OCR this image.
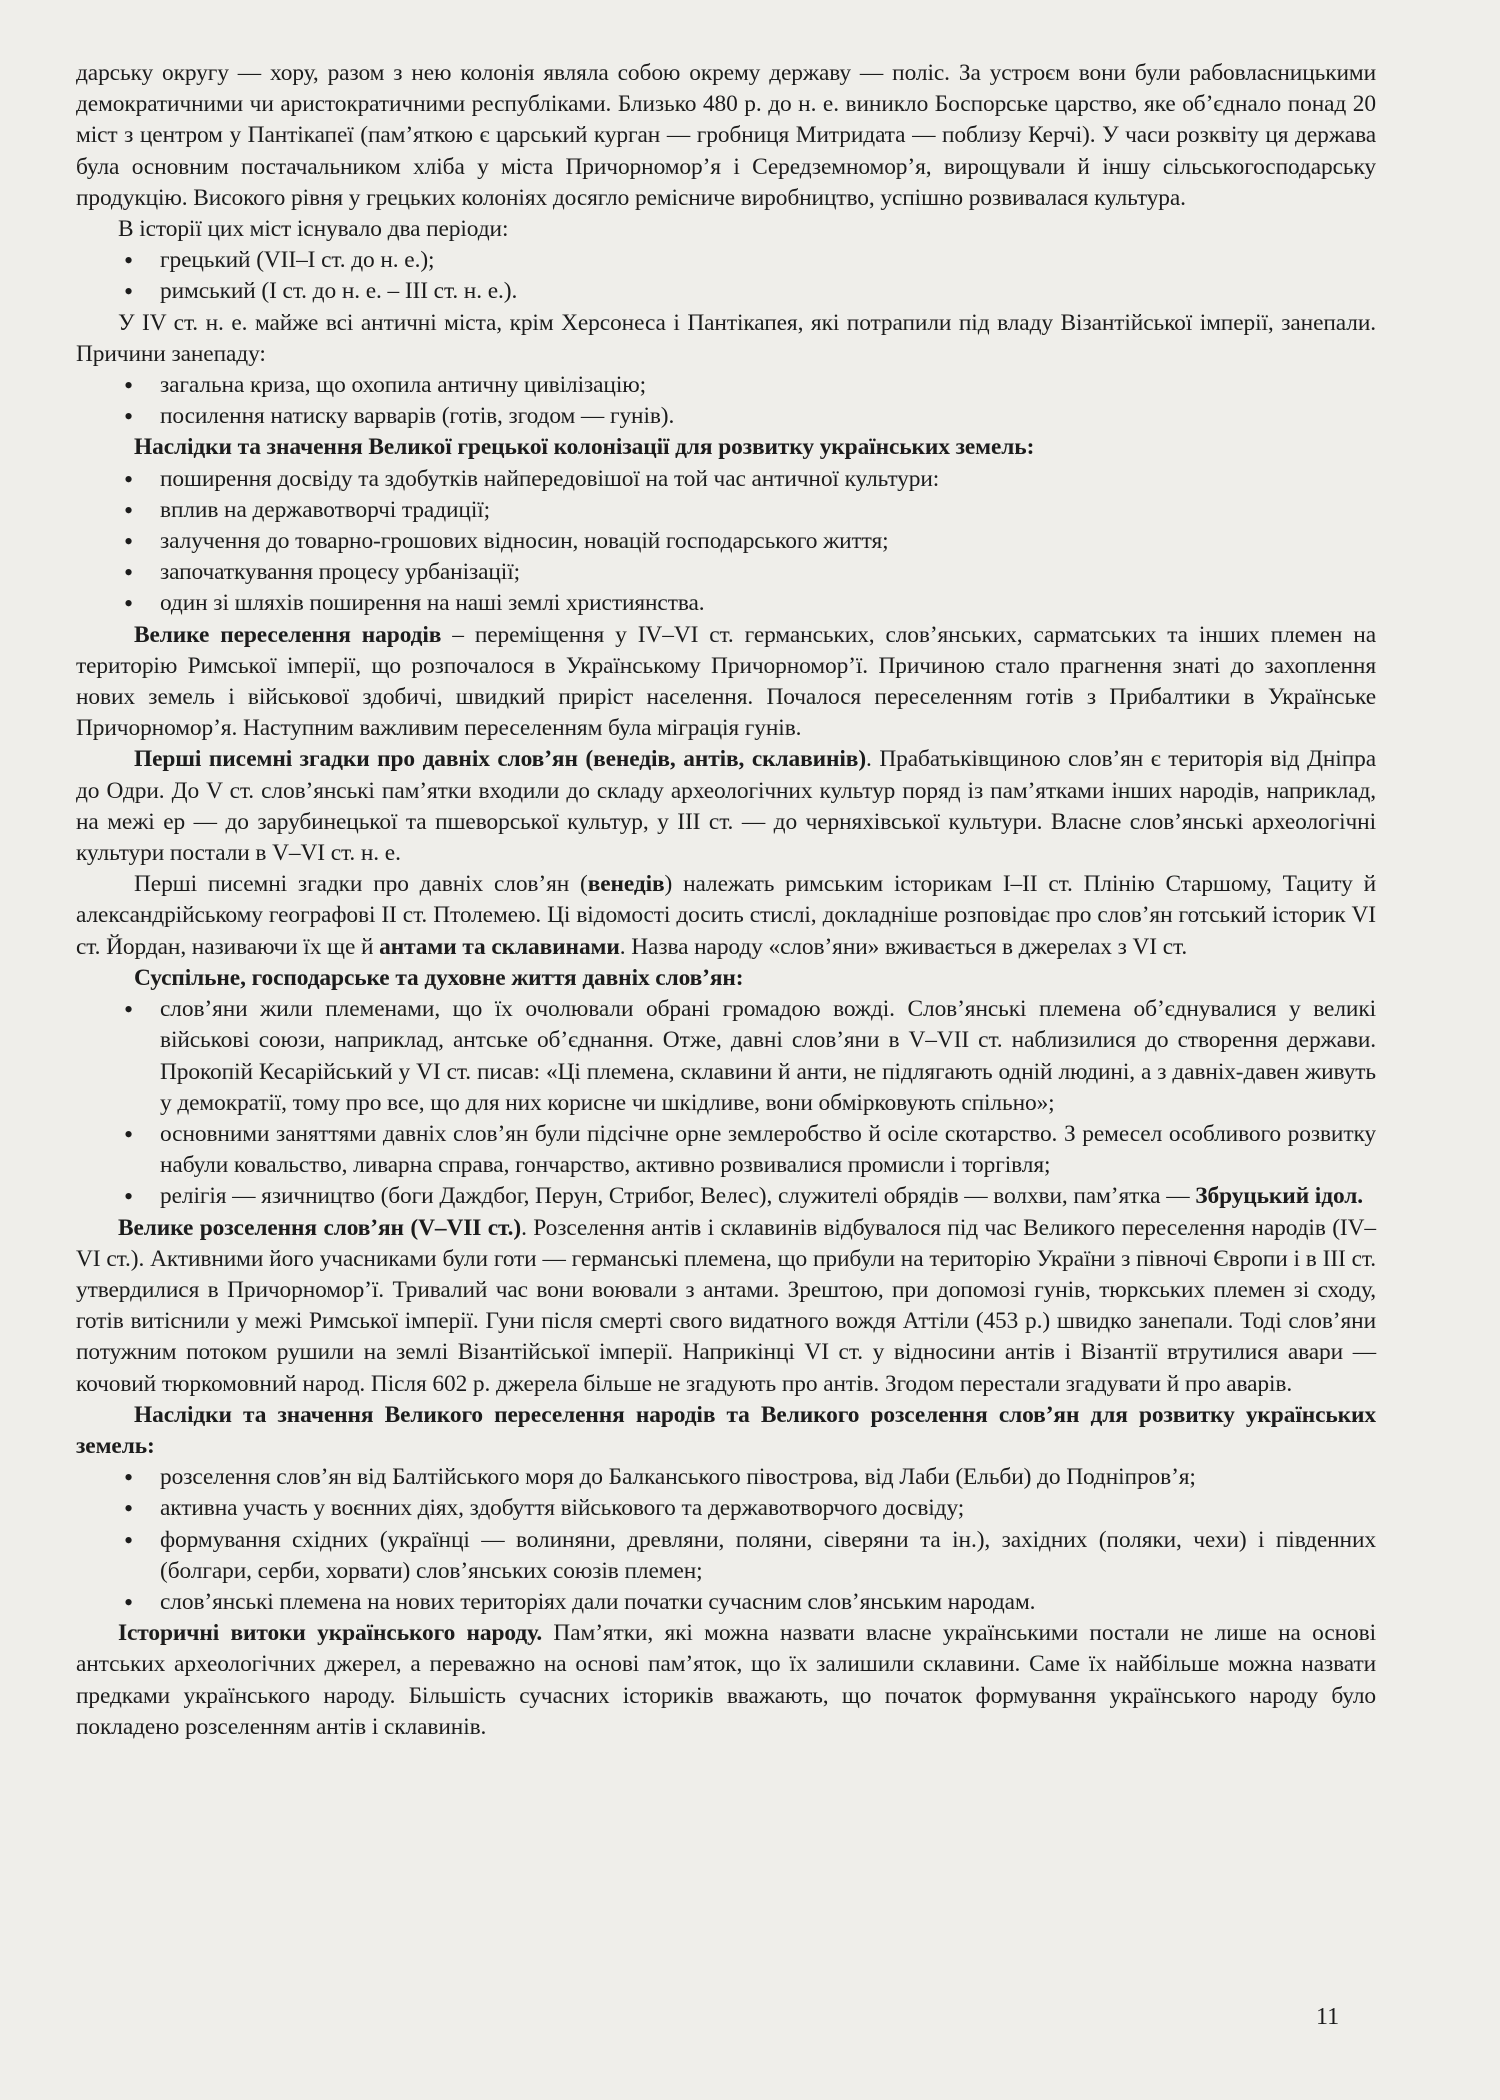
дарську округу — хору, разом з нею колонія являла собою окрему державу — поліс. За устроєм вони були рабовласницькими демократичними чи аристократичними республіками. Близько 480 р. до н. е. виникло Боспорське царство, яке об’єднало понад 20 міст з центром у Пантікапеї (пам’яткою є царський курган — гробниця Митридата — поблизу Керчі). У часи розквіту ця держава була основним постачальником хліба у міста Причорномор’я і Середземномор’я, вирощували й іншу сільськогосподарську продукцію. Високого рівня у грецьких колоніях досягло ремісниче виробництво, успішно розвивалася культура.

В історії цих міст існувало два періоди:

• грецький (VII–I ст. до н. е.);
• римський (I ст. до н. е. – III ст. н. е.).

У IV ст. н. е. майже всі античні міста, крім Херсонеса і Пантікапея, які потрапили під владу Візантійської імперії, занепали. Причини занепаду:

• загальна криза, що охопила античну цивілізацію;
• посилення натиску варварів (готів, згодом — гунів).

Наслідки та значення Великої грецької колонізації для розвитку українських земель:

• поширення досвіду та здобутків найпередовішої на той час античної культури:
• вплив на державотворчі традиції;
• залучення до товарно-грошових відносин, новацій господарського життя;
• започаткування процесу урбанізації;
• один зі шляхів поширення на наші землі християнства.

Велике переселення народів – переміщення у IV–VI ст. германських, слов’янських, сарматських та інших племен на територію Римської імперії, що розпочалося в Українському Причорномор’ї. Причиною стало прагнення знаті до захоплення нових земель і військової здобичі, швидкий приріст населення. Почалося переселенням готів з Прибалтики в Українське Причорномор’я. Наступним важливим переселенням була міграція гунів.

Перші писемні згадки про давніх слов’ян (венедів, антів, склавинів). Прабатьківщиною слов’ян є територія від Дніпра до Одри. До V ст. слов’янські пам’ятки входили до складу археологічних культур поряд із пам’ятками інших народів, наприклад, на межі ер — до зарубинецької та пшеворської культур, у III ст. — до черняхівської культури. Власне слов’янські археологічні культури постали в V–VI ст. н. е.

Перші писемні згадки про давніх слов’ян (венедів) належать римським історикам I–II ст. Плінію Старшому, Тациту й александрійському географові II ст. Птолемею. Ці відомості досить стислі, докладніше розповідає про слов’ян готський історик VI ст. Йордан, називаючи їх ще й антами та склавинами. Назва народу «слов’яни» вживається в джерелах з VI ст.

Суспільне, господарське та духовне життя давніх слов’ян:

• слов’яни жили племенами, що їх очолювали обрані громадою вожді. Слов’янські племена об’єднувалися у великі військові союзи, наприклад, антське об’єднання. Отже, давні слов’яни в V–VII ст. наблизилися до створення держави. Прокопій Кесарійський у VI ст. писав: «Ці племена, склавини й анти, не підлягають одній людині, а з давніх-давен живуть у демократії, тому про все, що для них корисне чи шкідливе, вони обмірковують спільно»;
• основними заняттями давніх слов’ян були підсічне орне землеробство й осіле скотарство. З ремесел особливого розвитку набули ковальство, ливарна справа, гончарство, активно розвивалися промисли і торгівля;
• релігія — язичництво (боги Даждбог, Перун, Стрибог, Велес), служителі обрядів — волхви, пам’ятка — Збруцький ідол.

Велике розселення слов’ян (V–VII ст.). Розселення антів і склавинів відбувалося під час Великого переселення народів (IV–VI ст.). Активними його учасниками були готи — германські племена, що прибули на територію України з півночі Європи і в III ст. утвердилися в Причорномор’ї. Тривалий час вони воювали з антами. Зрештою, при допомозі гунів, тюркських племен зі сходу, готів витіснили у межі Римської імперії. Гуни після смерті свого видатного вождя Аттіли (453 р.) швидко занепали. Тоді слов’яни потужним потоком рушили на землі Візантійської імперії. Наприкінці VI ст. у відносини антів і Візантії втрутилися авари — кочовий тюркомовний народ. Після 602 р. джерела більше не згадують про антів. Згодом перестали згадувати й про аварів.

Наслідки та значення Великого переселення народів та Великого розселення слов’ян для розвитку українських земель:

• розселення слов’ян від Балтійського моря до Балканського півострова, від Лаби (Ельби) до Подніпров’я;
• активна участь у воєнних діях, здобуття військового та державотворчого досвіду;
• формування східних (українці — волиняни, древляни, поляни, сіверяни та ін.), західних (поляки, чехи) і південних (болгари, серби, хорвати) слов’янських союзів племен;
• слов’янські племена на нових територіях дали початки сучасним слов’янським народам.

Історичні витоки українського народу. Пам’ятки, які можна назвати власне українськими постали не лише на основі антських археологічних джерел, а переважно на основі пам’яток, що їх залишили склавини. Саме їх найбільше можна назвати предками українського народу. Більшість сучасних істориків вважають, що початок формування українського народу було покладено розселенням антів і склавинів.

11
